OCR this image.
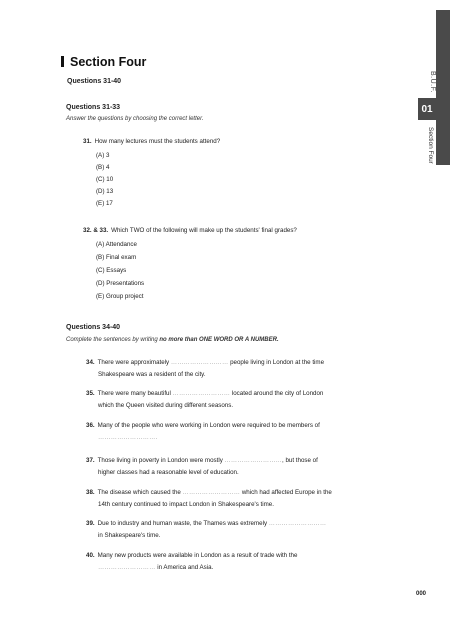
B.U.F.
01
Section Four
Section Four
Questions 31-40
Questions 31-33
Answer the questions by choosing the correct letter.
31. How many lectures must the students attend?
(A) 3
(B) 4
(C) 10
(D) 13
(E) 17
32. & 33. Which TWO of the following will make up the students' final grades?
(A) Attendance
(B) Final exam
(C) Essays
(D) Presentations
(E) Group project
Questions 34-40
Complete the sentences by writing no more than ONE WORD OR A NUMBER.
34. There were approximately ……………………… people living in London at the time
Shakespeare was a resident of the city.
35. There were many beautiful ……………………… located around the city of London
which the Queen visited during different seasons.
36. Many of the people who were working in London were required to be members of
……………………….
37. Those living in poverty in London were mostly ………………………, but those of
higher classes had a reasonable level of education.
38. The disease which caused the ……………………… which had affected Europe in the
14th century continued to impact London in Shakespeare's time.
39. Due to industry and human waste, the Thames was extremely ………………………
in Shakespeare's time.
40. Many new products were available in London as a result of trade with the
……………………… in America and Asia.
000
